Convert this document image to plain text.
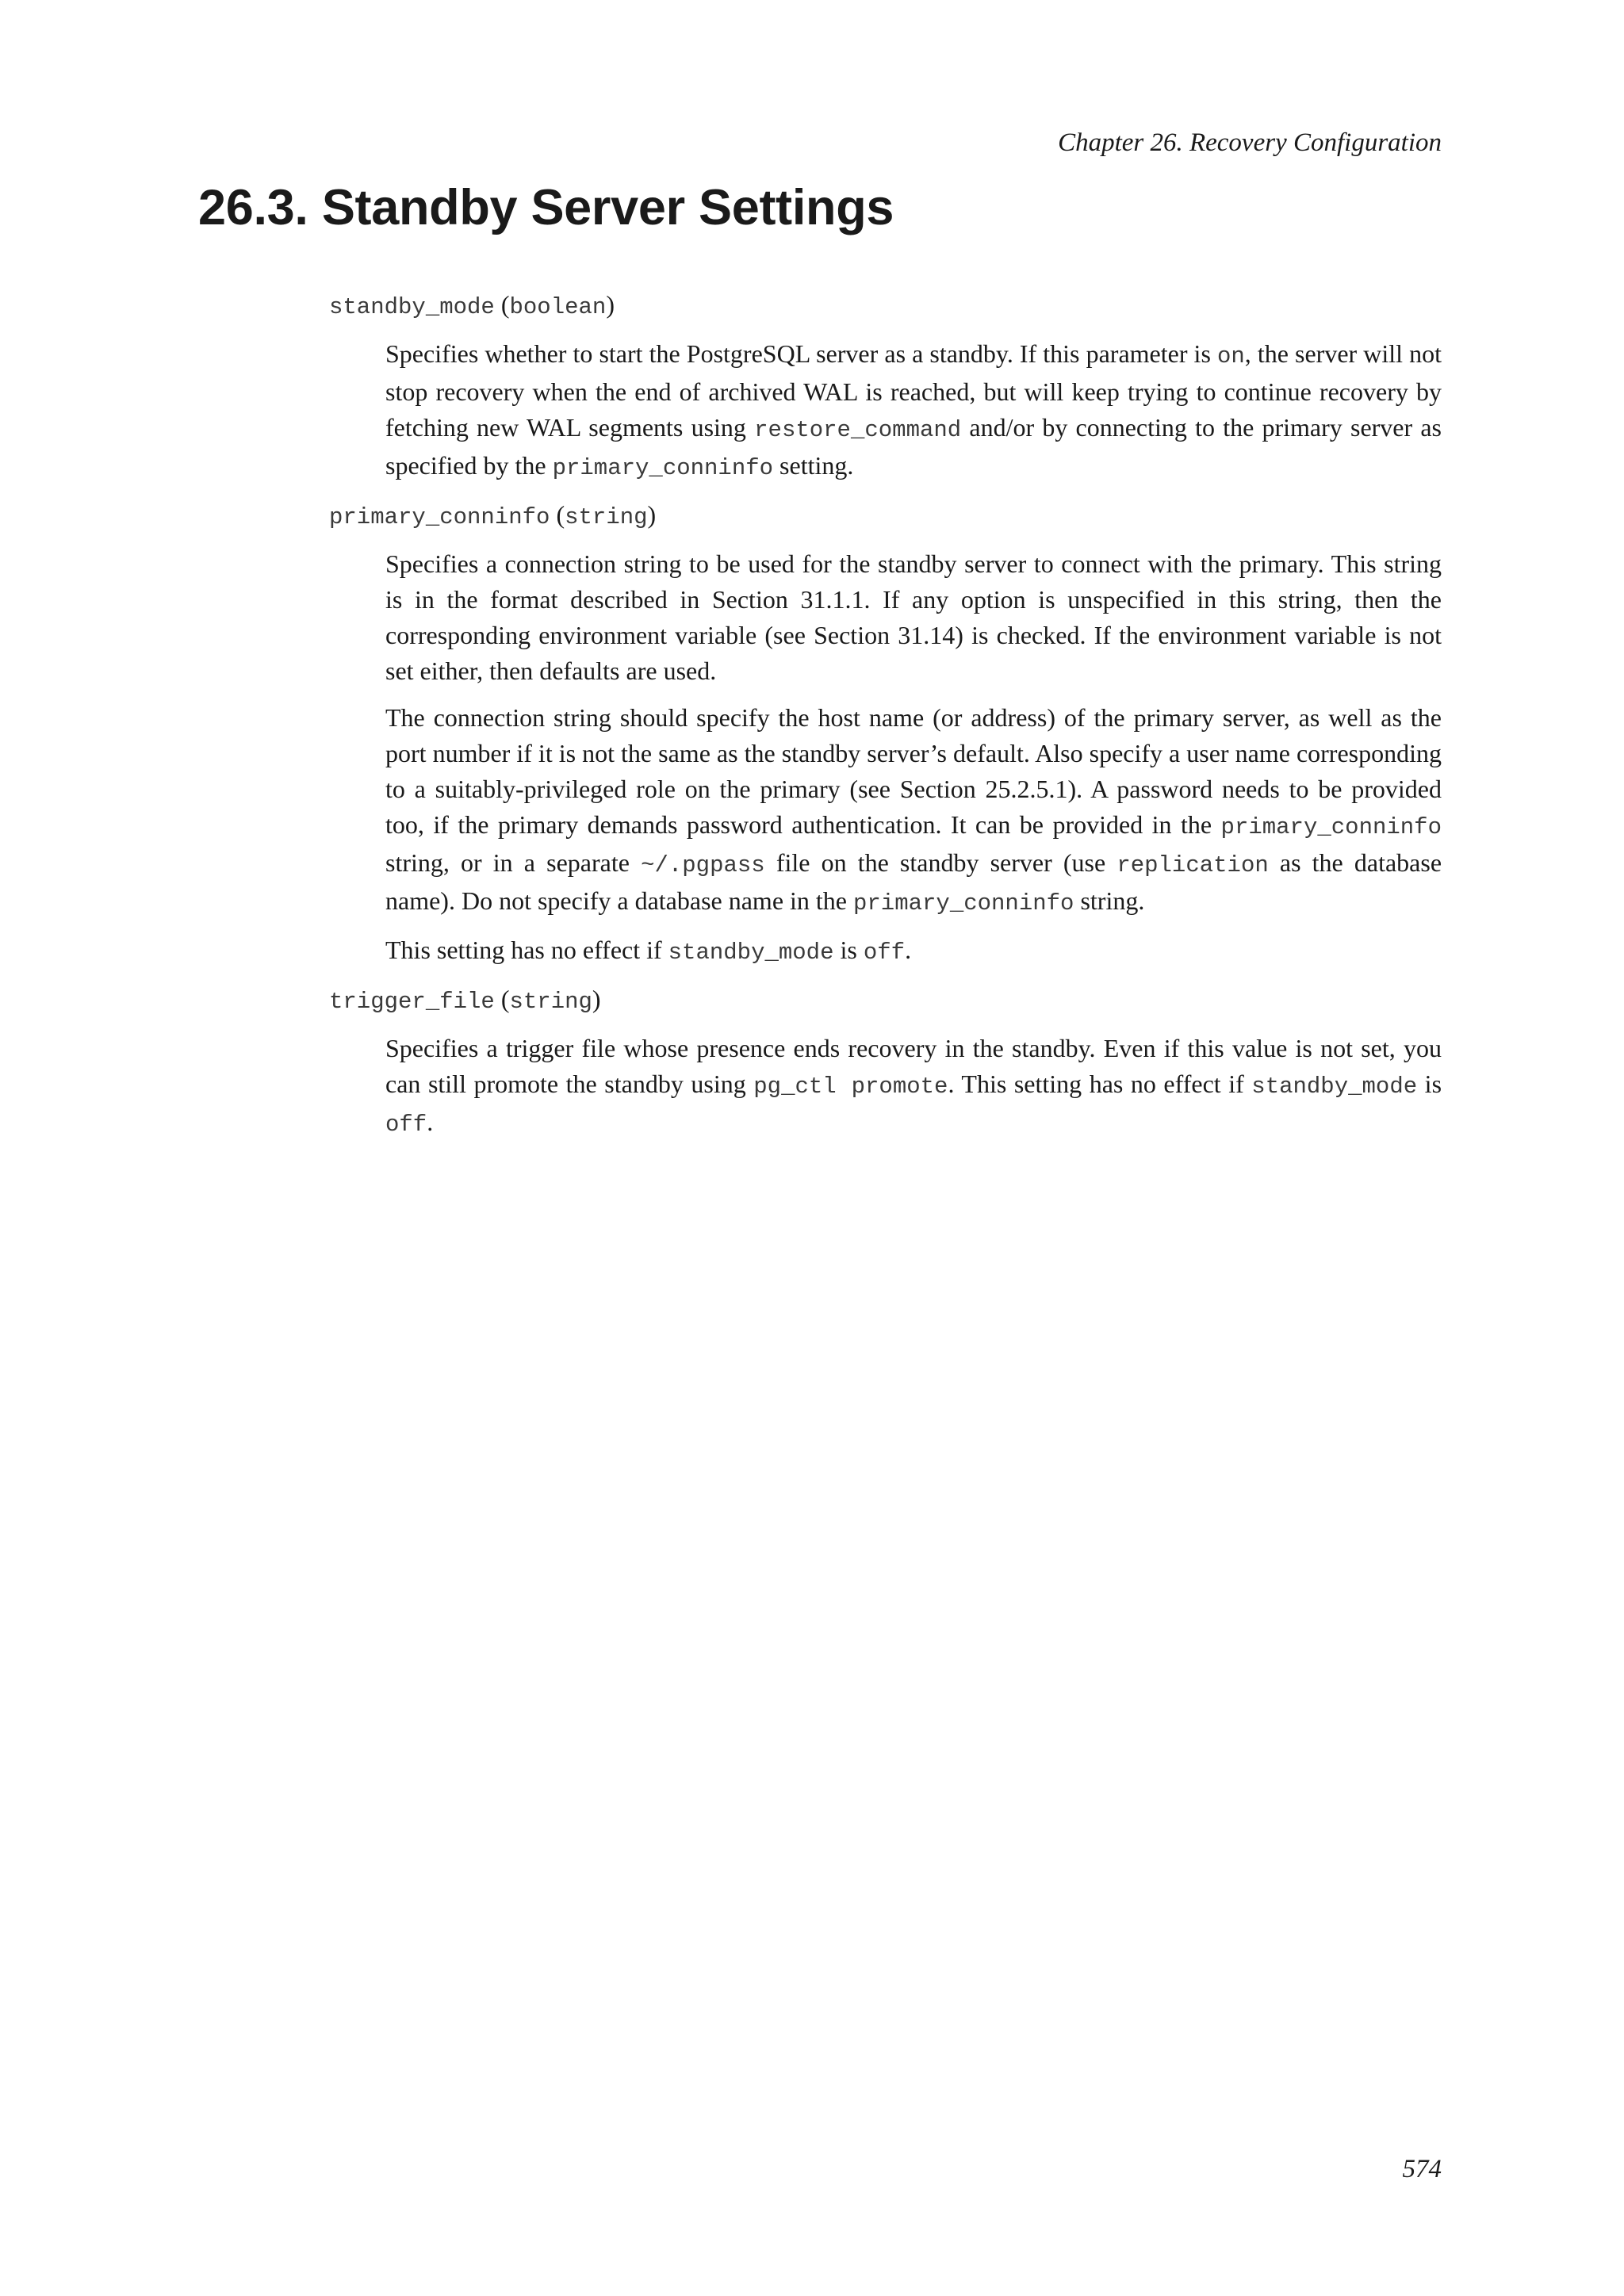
Chapter 26. Recovery Configuration
26.3. Standby Server Settings
standby_mode (boolean)

Specifies whether to start the PostgreSQL server as a standby. If this parameter is on, the server will not stop recovery when the end of archived WAL is reached, but will keep trying to continue recovery by fetching new WAL segments using restore_command and/or by connecting to the primary server as specified by the primary_conninfo setting.

primary_conninfo (string)

Specifies a connection string to be used for the standby server to connect with the primary. This string is in the format described in Section 31.1.1. If any option is unspecified in this string, then the corresponding environment variable (see Section 31.14) is checked. If the environment variable is not set either, then defaults are used.

The connection string should specify the host name (or address) of the primary server, as well as the port number if it is not the same as the standby server’s default. Also specify a user name corresponding to a suitably-privileged role on the primary (see Section 25.2.5.1). A password needs to be provided too, if the primary demands password authentication. It can be provided in the primary_conninfo string, or in a separate ~/.pgpass file on the standby server (use replication as the database name). Do not specify a database name in the primary_conninfo string.

This setting has no effect if standby_mode is off.

trigger_file (string)

Specifies a trigger file whose presence ends recovery in the standby. Even if this value is not set, you can still promote the standby using pg_ctl promote. This setting has no effect if standby_mode is off.

574
